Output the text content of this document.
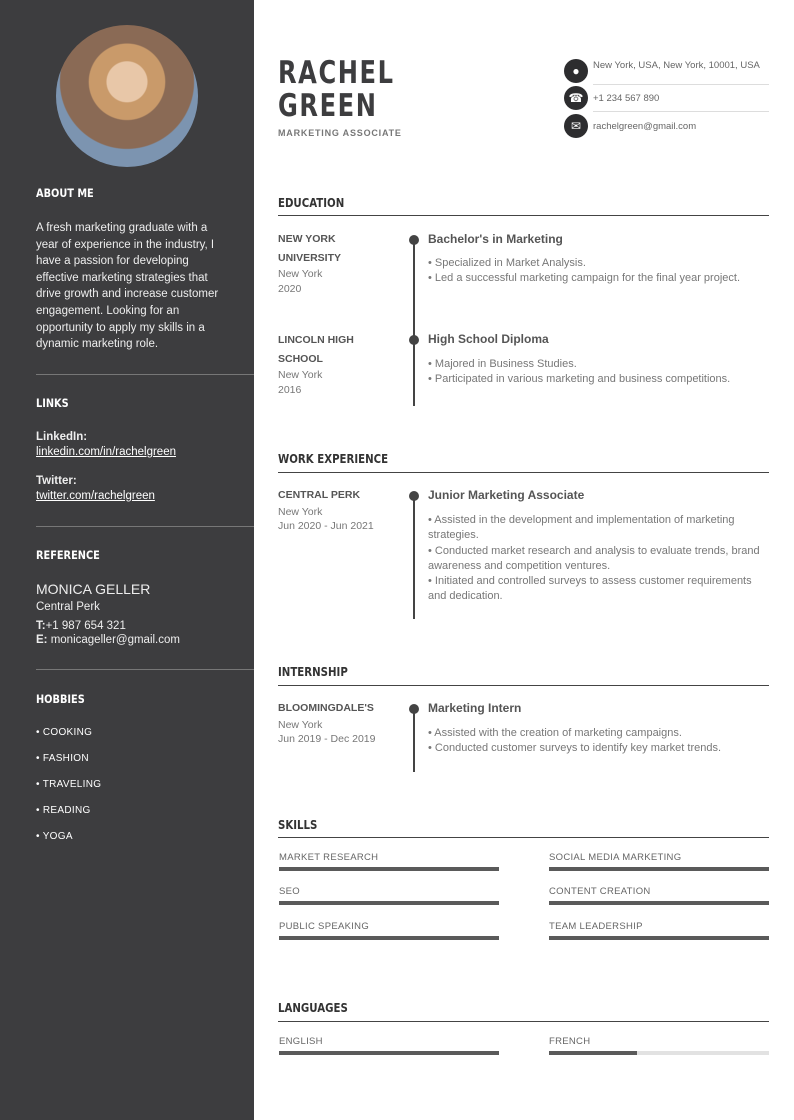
ABOUT ME
A fresh marketing graduate with a year of experience in the industry, I have a passion for developing effective marketing strategies that drive growth and increase customer engagement. Looking for an opportunity to apply my skills in a dynamic marketing role.
LINKS
LinkedIn:
linkedin.com/in/rachelgreen
Twitter:
twitter.com/rachelgreen
REFERENCE
MONICA GELLER
Central Perk
T:+1 987 654 321
E: monicageller@gmail.com
HOBBIES
• COOKING
• FASHION
• TRAVELING
• READING
• YOGA
RACHEL
GREEN
MARKETING ASSOCIATE
●	New York, USA, New York, 10001, USA
☎	+1 234 567 890
✉	rachelgreen@gmail.com
EDUCATION
NEW YORK UNIVERSITY
New York
2020
Bachelor's in Marketing
• Specialized in Market Analysis.
• Led a successful marketing campaign for the final year project.
LINCOLN HIGH SCHOOL
New York
2016
High School Diploma
• Majored in Business Studies.
• Participated in various marketing and business competitions.
WORK EXPERIENCE
CENTRAL PERK
New York
Jun 2020 - Jun 2021
Junior Marketing Associate
• Assisted in the development and implementation of marketing strategies.
• Conducted market research and analysis to evaluate trends, brand awareness and competition ventures.
• Initiated and controlled surveys to assess customer requirements and dedication.
INTERNSHIP
BLOOMINGDALE'S
New York
Jun 2019 - Dec 2019
Marketing Intern
• Assisted with the creation of marketing campaigns.
• Conducted customer surveys to identify key market trends.
SKILLS
MARKET RESEARCH	SOCIAL MEDIA MARKETING
SEO	CONTENT CREATION
PUBLIC SPEAKING	TEAM LEADERSHIP
LANGUAGES
ENGLISH	FRENCH
